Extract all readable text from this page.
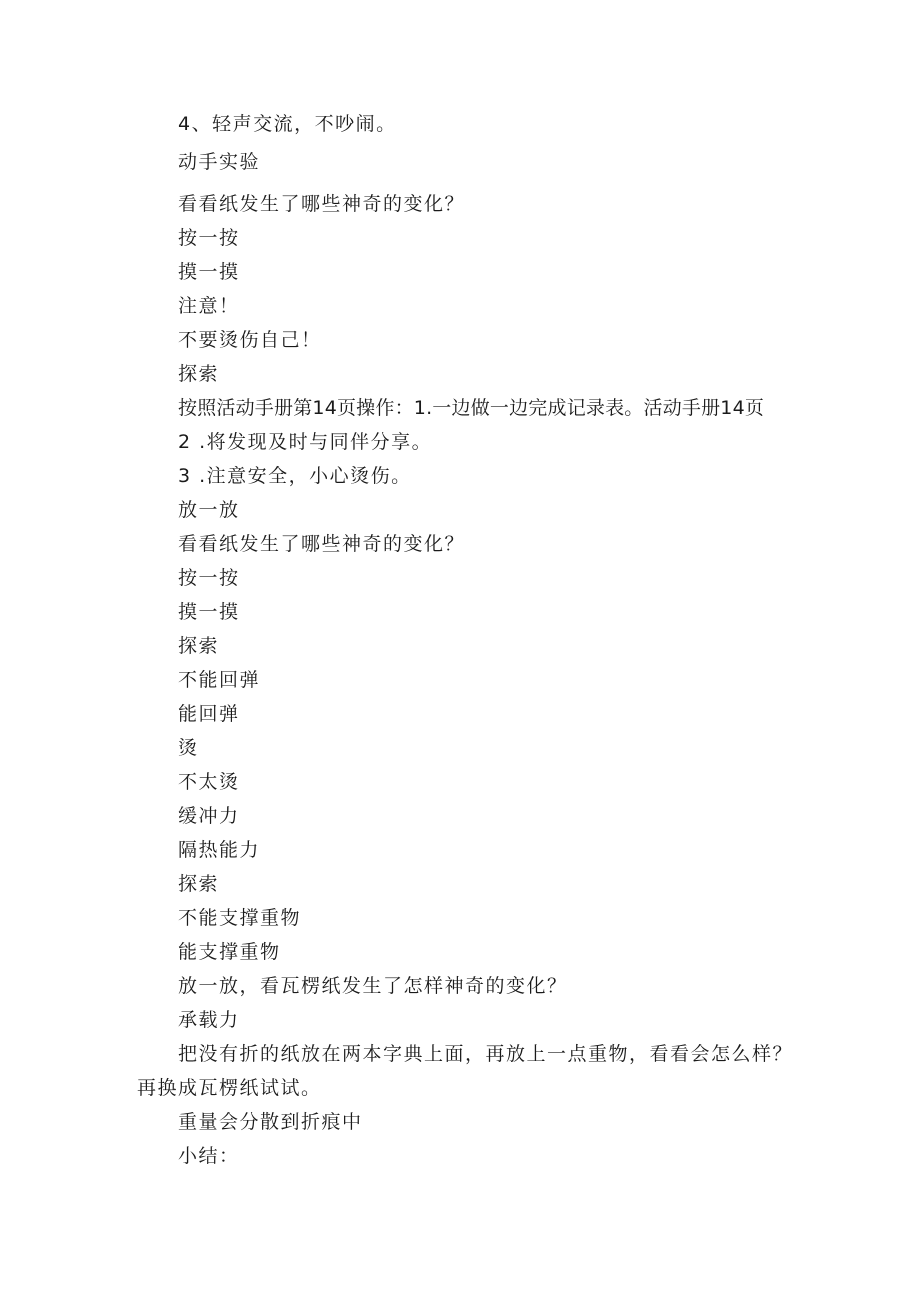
4、轻声交流，不吵闹。
动手实验
看看纸发生了哪些神奇的变化？
按一按
摸一摸
注意！
不要烫伤自己！
探索
按照活动手册第14页操作：1.一边做一边完成记录表。活动手册14页
2 .将发现及时与同伴分享。
3 .注意安全，小心烫伤。
放一放
看看纸发生了哪些神奇的变化？
按一按
摸一摸
探索
不能回弹
能回弹
烫
不太烫
缓冲力
隔热能力
探索
不能支撑重物
能支撑重物
放一放，看瓦楞纸发生了怎样神奇的变化？
承载力
把没有折的纸放在两本字典上面，再放上一点重物，看看会怎么样？
再换成瓦楞纸试试。
重量会分散到折痕中
小结：
